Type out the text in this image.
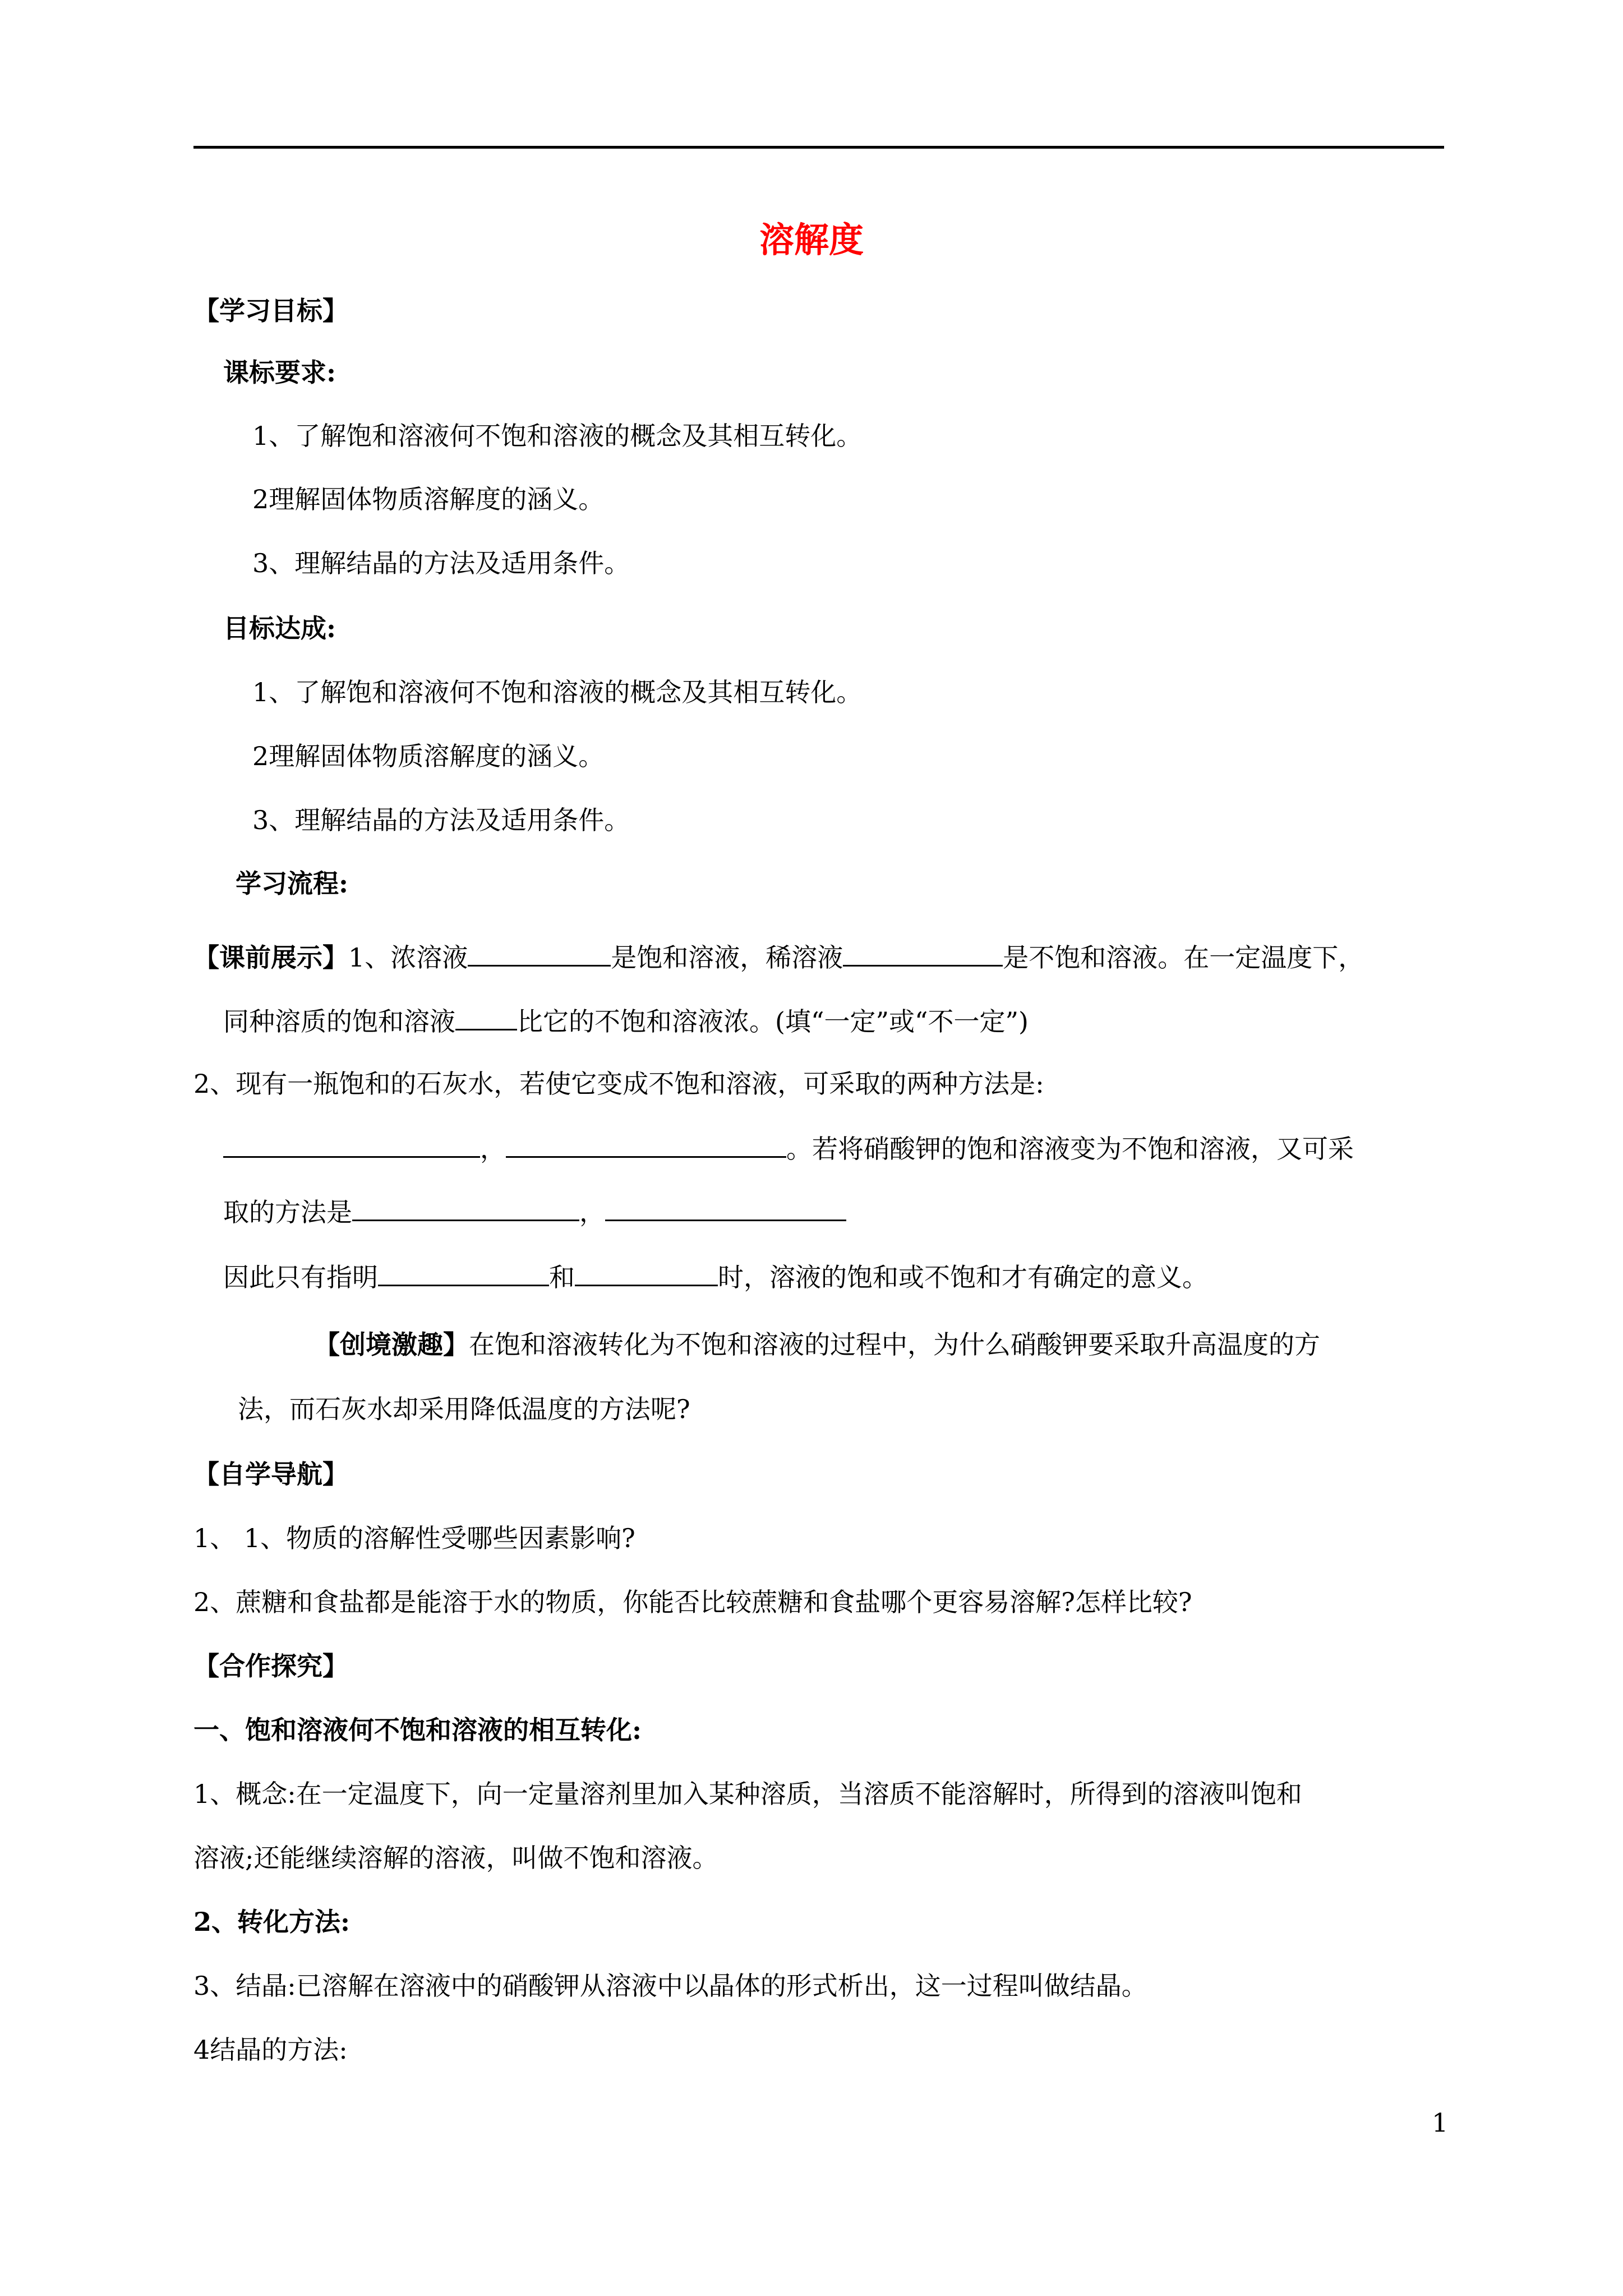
溶解度
【学习目标】
课标要求:
1、了解饱和溶液何不饱和溶液的概念及其相互转化。
2理解固体物质溶解度的涵义。
3、理解结晶的方法及适用条件。
目标达成:
1、了解饱和溶液何不饱和溶液的概念及其相互转化。
2理解固体物质溶解度的涵义。
3、理解结晶的方法及适用条件。
学习流程:
【课前展示】1、浓溶液	是饱和溶液，稀溶液	是不饱和溶液。在一定温度下，
同种溶质的饱和溶液 比它的不饱和溶液浓。(填“一定”或“不一定”)
2、现有一瓶饱和的石灰水，若使它变成不饱和溶液，可采取的两种方法是:
，	。若将硝酸钾的饱和溶液变为不饱和溶液，又可采
取的方法是	，
因此只有指明	和	时，溶液的饱和或不饱和才有确定的意义。
【创境激趣】在饱和溶液转化为不饱和溶液的过程中，为什么硝酸钾要采取升高温度的方
法，而石灰水却采用降低温度的方法呢?
【自学导航】
1、 1、物质的溶解性受哪些因素影响?
2、蔗糖和食盐都是能溶于水的物质，你能否比较蔗糖和食盐哪个更容易溶解?怎样比较?
【合作探究】
一、饱和溶液何不饱和溶液的相互转化:
1、概念:在一定温度下，向一定量溶剂里加入某种溶质，当溶质不能溶解时，所得到的溶液叫饱和
溶液;还能继续溶解的溶液，叫做不饱和溶液。
2、转化方法:
3、结晶:已溶解在溶液中的硝酸钾从溶液中以晶体的形式析出，这一过程叫做结晶。
4结晶的方法:
1
